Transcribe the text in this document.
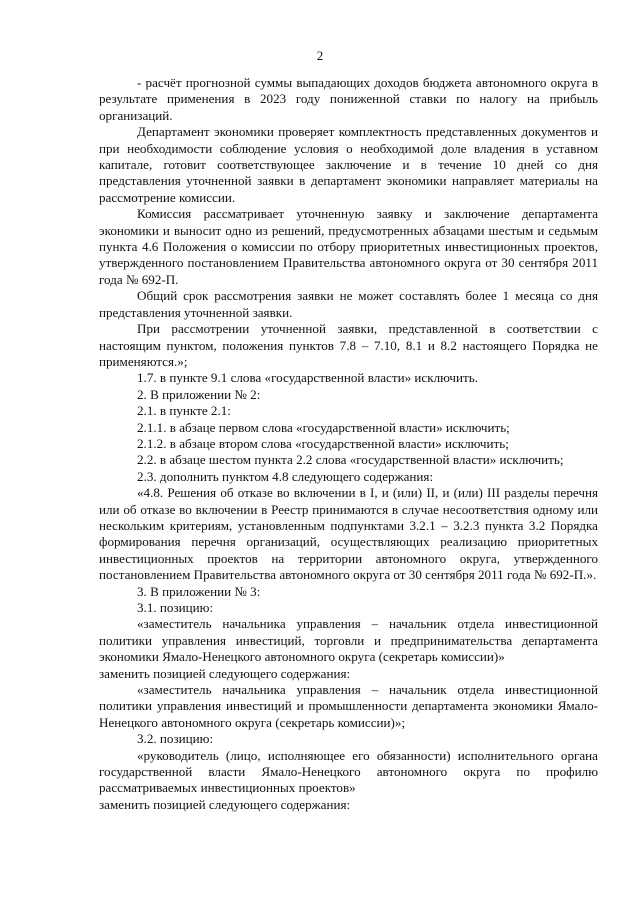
2

- расчёт прогнозной суммы выпадающих доходов бюджета автономного округа в результате применения в 2023 году пониженной ставки по налогу на прибыль организаций.

Департамент экономики проверяет комплектность представленных документов и при необходимости соблюдение условия о необходимой доле владения в уставном капитале, готовит соответствующее заключение и в течение 10 дней со дня представления уточненной заявки в департамент экономики направляет материалы на рассмотрение комиссии.

Комиссия рассматривает уточненную заявку и заключение департамента экономики и выносит одно из решений, предусмотренных абзацами шестым и седьмым пункта 4.6 Положения о комиссии по отбору приоритетных инвестиционных проектов, утвержденного постановлением Правительства автономного округа от 30 сентября 2011 года № 692-П.

Общий срок рассмотрения заявки не может составлять более 1 месяца со дня представления уточненной заявки.

При рассмотрении уточненной заявки, представленной в соответствии с настоящим пунктом, положения пунктов 7.8 – 7.10, 8.1 и 8.2 настоящего Порядка не применяются.»;

1.7. в пункте 9.1 слова «государственной власти» исключить.

2. В приложении № 2:

2.1. в пункте 2.1:

2.1.1. в абзаце первом слова «государственной власти» исключить;

2.1.2. в абзаце втором слова «государственной власти» исключить;

2.2. в абзаце шестом пункта 2.2 слова «государственной власти» исключить;

2.3. дополнить пунктом 4.8 следующего содержания:

«4.8. Решения об отказе во включении в I, и (или) II, и (или) III разделы перечня или об отказе во включении в Реестр принимаются в случае несоответствия одному или нескольким критериям, установленным подпунктами 3.2.1 – 3.2.3 пункта 3.2 Порядка формирования перечня организаций, осуществляющих реализацию приоритетных инвестиционных проектов на территории автономного округа, утвержденного постановлением Правительства автономного округа от 30 сентября 2011 года № 692-П.».

3. В приложении № 3:

3.1. позицию:

«заместитель начальника управления – начальник отдела инвестиционной политики управления инвестиций, торговли и предпринимательства департамента экономики Ямало-Ненецкого автономного округа (секретарь комиссии)»

заменить позицией следующего содержания:

«заместитель начальника управления – начальник отдела инвестиционной политики управления инвестиций и промышленности департамента экономики Ямало-Ненецкого автономного округа (секретарь комиссии)»;

3.2. позицию:

«руководитель (лицо, исполняющее его обязанности) исполнительного органа государственной власти Ямало-Ненецкого автономного округа по профилю рассматриваемых инвестиционных проектов»

заменить позицией следующего содержания:
